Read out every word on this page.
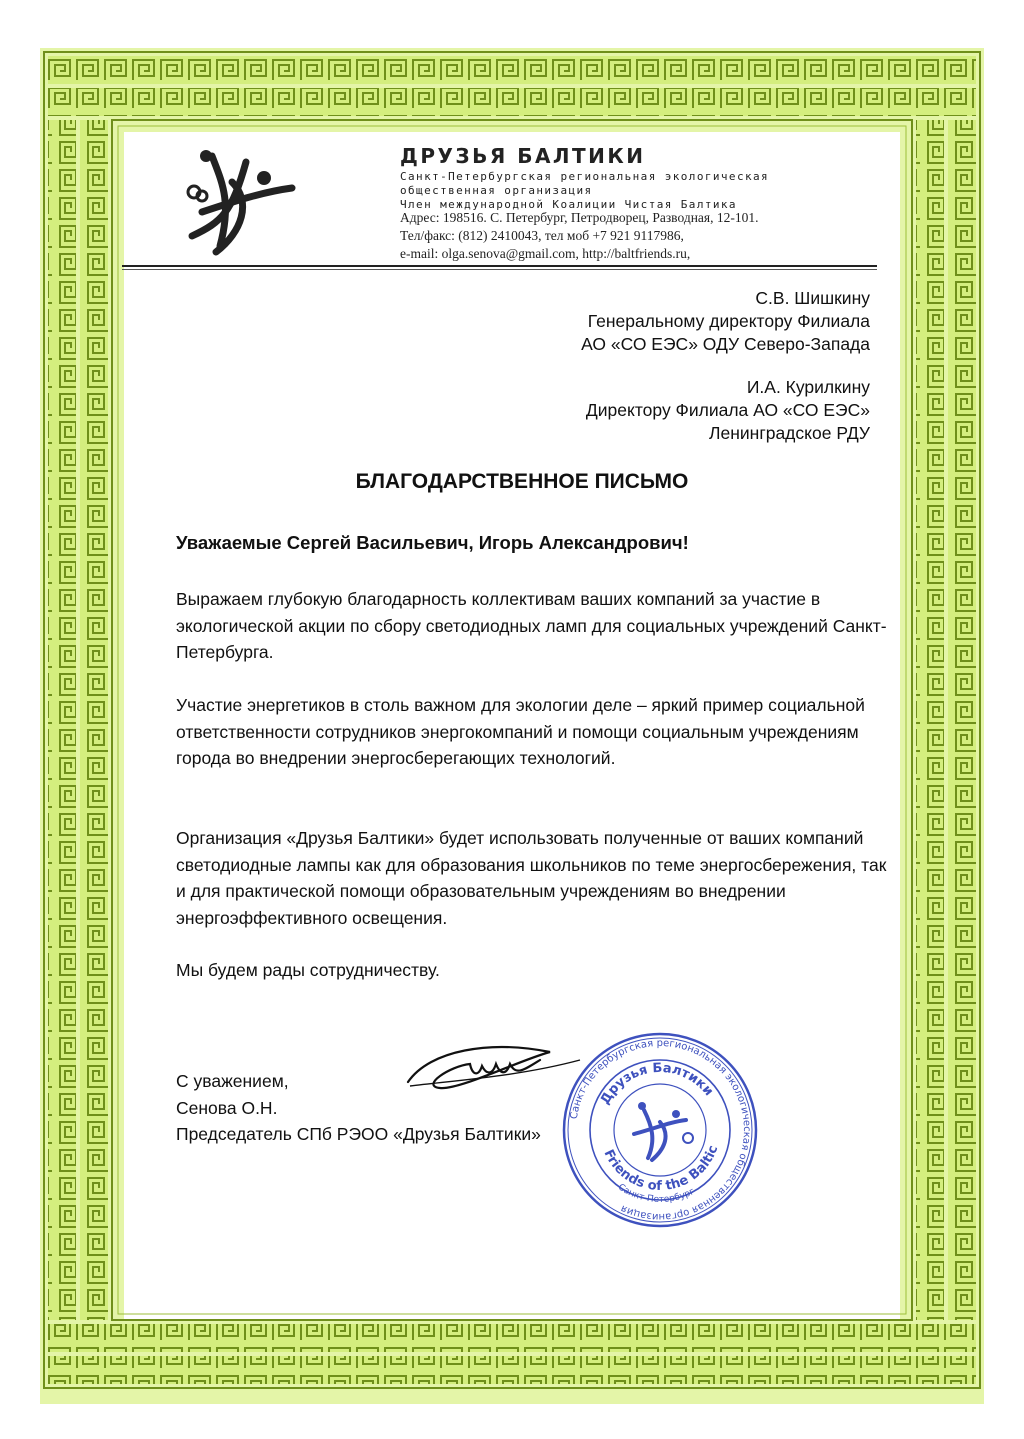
ДРУЗЬЯ БАЛТИКИ
Санкт-Петербургская региональная экологическая
общественная организация
Член международной Коалиции Чистая Балтика
Адрес: 198516. С. Петербург, Петродворец, Разводная, 12-101.
Тел/факс: (812) 2410043, тел моб +7 921 9117986,
e-mail: olga.senova@gmail.com, http://baltfriends.ru,
С.В. Шишкину
Генеральному директору Филиала
АО «СО ЕЭС» ОДУ Северо-Запада
И.А. Курилкину
Директору Филиала АО «СО ЕЭС»
Ленинградское РДУ
БЛАГОДАРСТВЕННОЕ ПИСЬМО
Уважаемые Сергей Васильевич, Игорь Александрович!
Выражаем глубокую благодарность коллективам ваших компаний за участие в экологической акции по сбору светодиодных ламп для социальных учреждений Санкт-Петербурга.
Участие энергетиков в столь важном для экологии деле – яркий пример социальной ответственности сотрудников энергокомпаний и помощи социальным учреждениям города во внедрении энергосберегающих технологий.
Организация «Друзья Балтики» будет использовать полученные от ваших компаний светодиодные лампы как для образования школьников по теме энергосбережения, так и для практической помощи образовательным учреждениям во внедрении энергоэффективного освещения.
Мы будем рады сотрудничеству.
С уважением,
Сенова О.Н.
Председатель СПб РЭОО «Друзья Балтики»
Санкт-Петербургская региональная экологическая общественная организация
Друзья Балтики
Friends of the Baltic
Санкт-Петербург
